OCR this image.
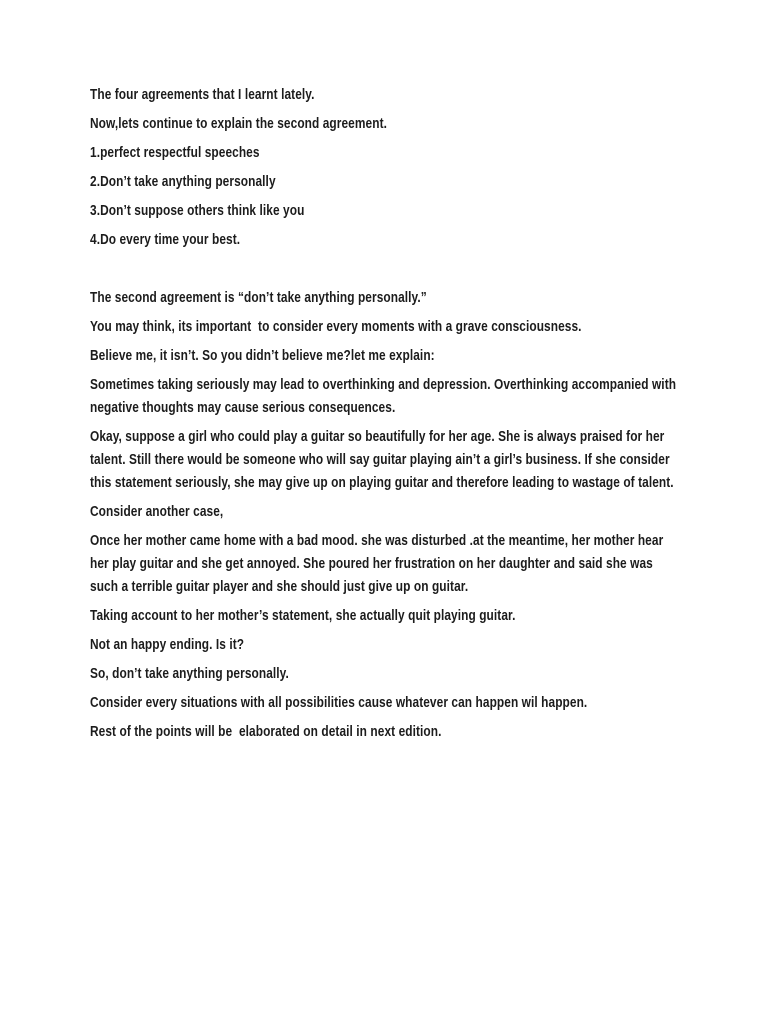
The four agreements that I learnt lately.

Now,lets continue to explain the second agreement.

1.perfect respectful speeches

2.Don’t take anything personally

3.Don’t suppose others think like you

4.Do every time your best.

The second agreement is “don’t take anything personally.”

You may think, its important  to consider every moments with a grave consciousness.

Believe me, it isn’t. So you didn’t believe me?let me explain:

Sometimes taking seriously may lead to overthinking and depression. Overthinking accompanied with negative thoughts may cause serious consequences.

Okay, suppose a girl who could play a guitar so beautifully for her age. She is always praised for her talent. Still there would be someone who will say guitar playing ain’t a girl’s business. If she consider this statement seriously, she may give up on playing guitar and therefore leading to wastage of talent.

Consider another case,

Once her mother came home with a bad mood. she was disturbed .at the meantime, her mother hear her play guitar and she get annoyed. She poured her frustration on her daughter and said she was such a terrible guitar player and she should just give up on guitar.

Taking account to her mother’s statement, she actually quit playing guitar.

Not an happy ending. Is it?

So, don’t take anything personally.

Consider every situations with all possibilities cause whatever can happen wil happen.

Rest of the points will be  elaborated on detail in next edition.
